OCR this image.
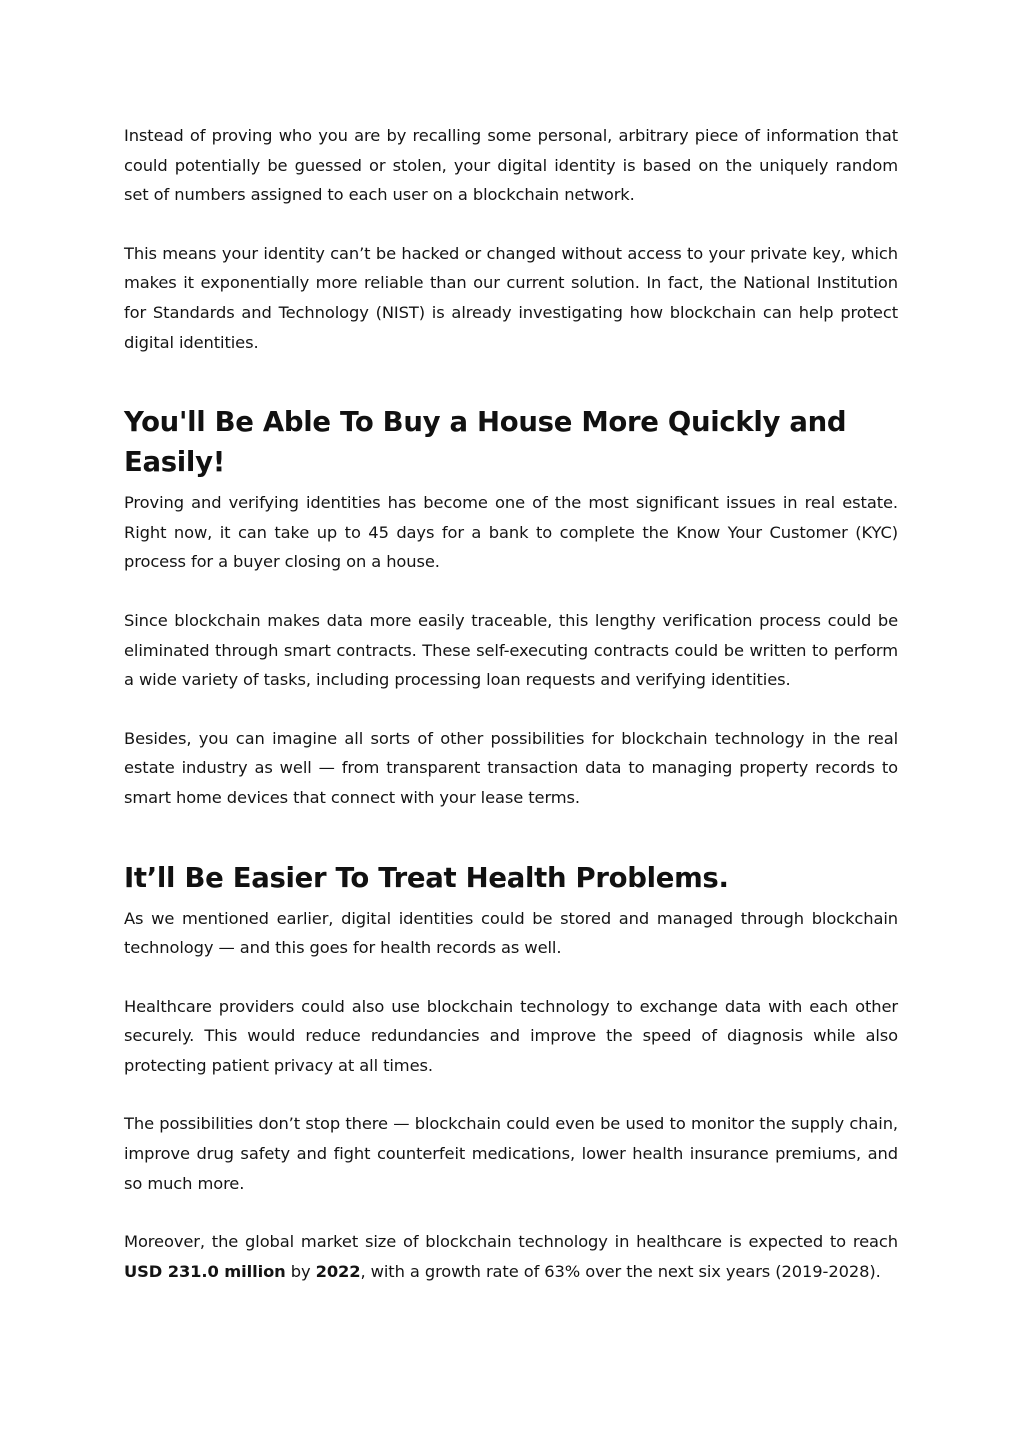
Instead of proving who you are by recalling some personal, arbitrary piece of information that could potentially be guessed or stolen, your digital identity is based on the uniquely random set of numbers assigned to each user on a blockchain network.

This means your identity can’t be hacked or changed without access to your private key, which makes it exponentially more reliable than our current solution. In fact, the National Institution for Standards and Technology (NIST) is already investigating how blockchain can help protect digital identities.

You'll Be Able To Buy a House More Quickly and Easily!

Proving and verifying identities has become one of the most significant issues in real estate. Right now, it can take up to 45 days for a bank to complete the Know Your Customer (KYC) process for a buyer closing on a house.

Since blockchain makes data more easily traceable, this lengthy verification process could be eliminated through smart contracts. These self-executing contracts could be written to perform a wide variety of tasks, including processing loan requests and verifying identities.

Besides, you can imagine all sorts of other possibilities for blockchain technology in the real estate industry as well — from transparent transaction data to managing property records to smart home devices that connect with your lease terms.

It’ll Be Easier To Treat Health Problems.

As we mentioned earlier, digital identities could be stored and managed through blockchain technology — and this goes for health records as well.

Healthcare providers could also use blockchain technology to exchange data with each other securely. This would reduce redundancies and improve the speed of diagnosis while also protecting patient privacy at all times.

The possibilities don’t stop there — blockchain could even be used to monitor the supply chain, improve drug safety and fight counterfeit medications, lower health insurance premiums, and so much more.

Moreover, the global market size of blockchain technology in healthcare is expected to reach USD 231.0 million by 2022, with a growth rate of 63% over the next six years (2019-2028).
